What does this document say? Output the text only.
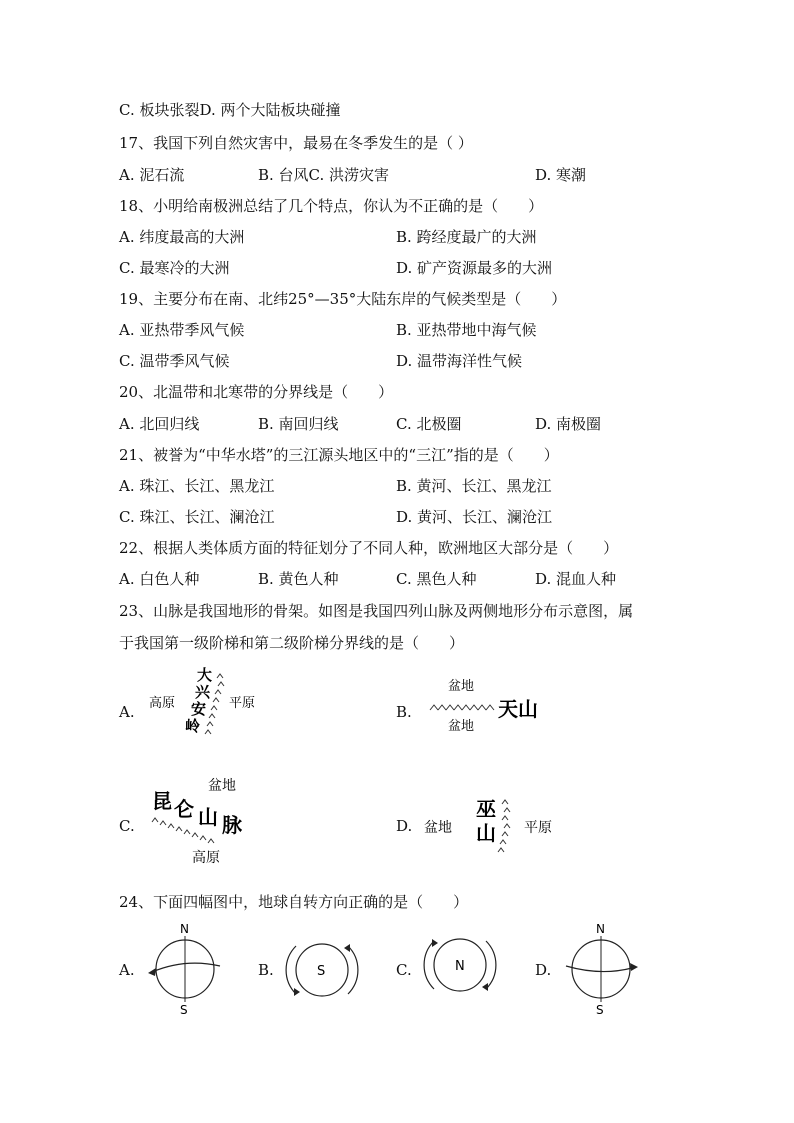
C. 板块张裂D. 两个大陆板块碰撞
17、我国下列自然灾害中，最易在冬季发生的是（ ）
A. 泥石流	B. 台风C. 洪涝灾害	D. 寒潮
18、小明给南极洲总结了几个特点，你认为不正确的是（　　）
A. 纬度最高的大洲	B. 跨经度最广的大洲
C. 最寒冷的大洲	D. 矿产资源最多的大洲
19、主要分布在南、北纬25°—35°大陆东岸的气候类型是（　　）
A. 亚热带季风气候	B. 亚热带地中海气候
C. 温带季风气候	D. 温带海洋性气候
20、北温带和北寒带的分界线是（　　）
A. 北回归线	B. 南回归线	C. 北极圈	D. 南极圈
21、被誉为“中华水塔”的三江源头地区中的“三江”指的是（　　）
A. 珠江、长江、黑龙江	B. 黄河、长江、黑龙江
C. 珠江、长江、澜沧江	D. 黄河、长江、澜沧江
22、根据人类体质方面的特征划分了不同人种，欧洲地区大部分是（　　）
A. 白色人种	B. 黄色人种	C. 黑色人种	D. 混血人种
23、山脉是我国地形的骨架。如图是我国四列山脉及两侧地形分布示意图，属
于我国第一级阶梯和第二级阶梯分界线的是（　　）
A. 高原	平原
大
兴
安
岭
B.
盆地
盆地
天山
C.
盆地
高原
昆 仑 山 脉	D. 盆地	平原
巫
山
24、下面四幅图中，地球自转方向正确的是（　　）
A.
N
S
B.	S	C.	N	D.
N
S
